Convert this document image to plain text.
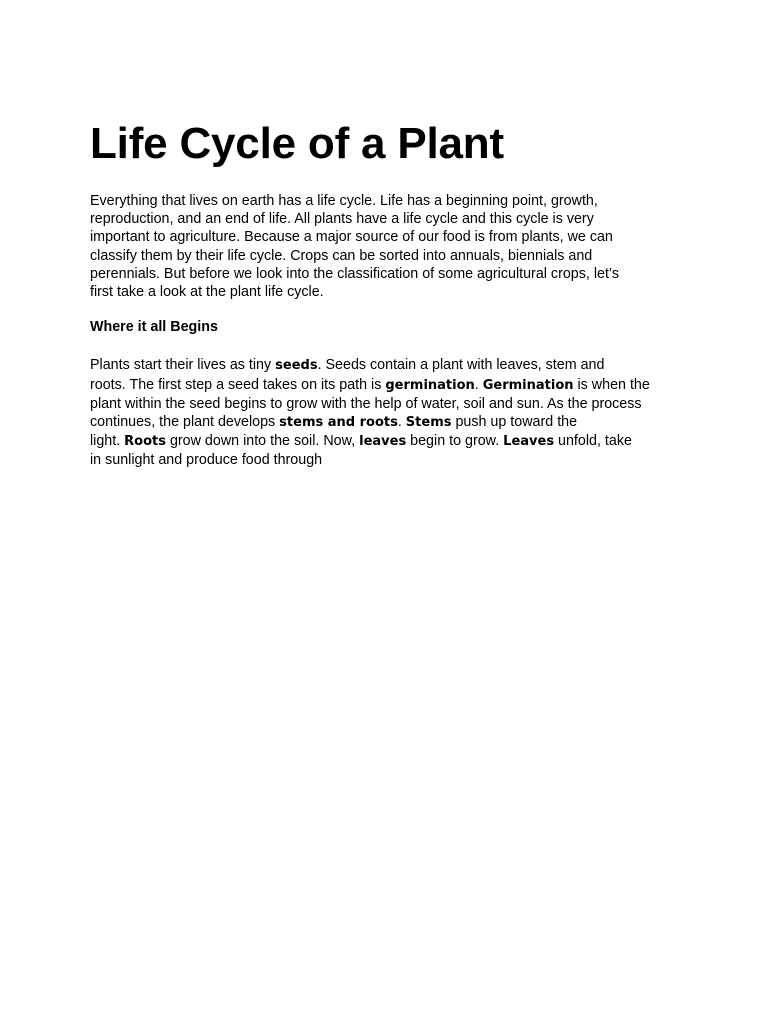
Life Cycle of a Plant

Everything that lives on earth has a life cycle. Life has a beginning point, growth,
reproduction, and an end of life. All plants have a life cycle and this cycle is very
important to agriculture. Because a major source of our food is from plants, we can
classify them by their life cycle. Crops can be sorted into annuals, biennials and
perennials. But before we look into the classification of some agricultural crops, let’s
first take a look at the plant life cycle.

Where it all Begins

Plants start their lives as tiny seeds. Seeds contain a plant with leaves, stem and
roots. The first step a seed takes on its path is germination. Germination is when the
plant within the seed begins to grow with the help of water, soil and sun. As the process
continues, the plant develops stems and roots. Stems push up toward the
light. Roots grow down into the soil. Now, leaves begin to grow. Leaves unfold, take
in sunlight and produce food through
